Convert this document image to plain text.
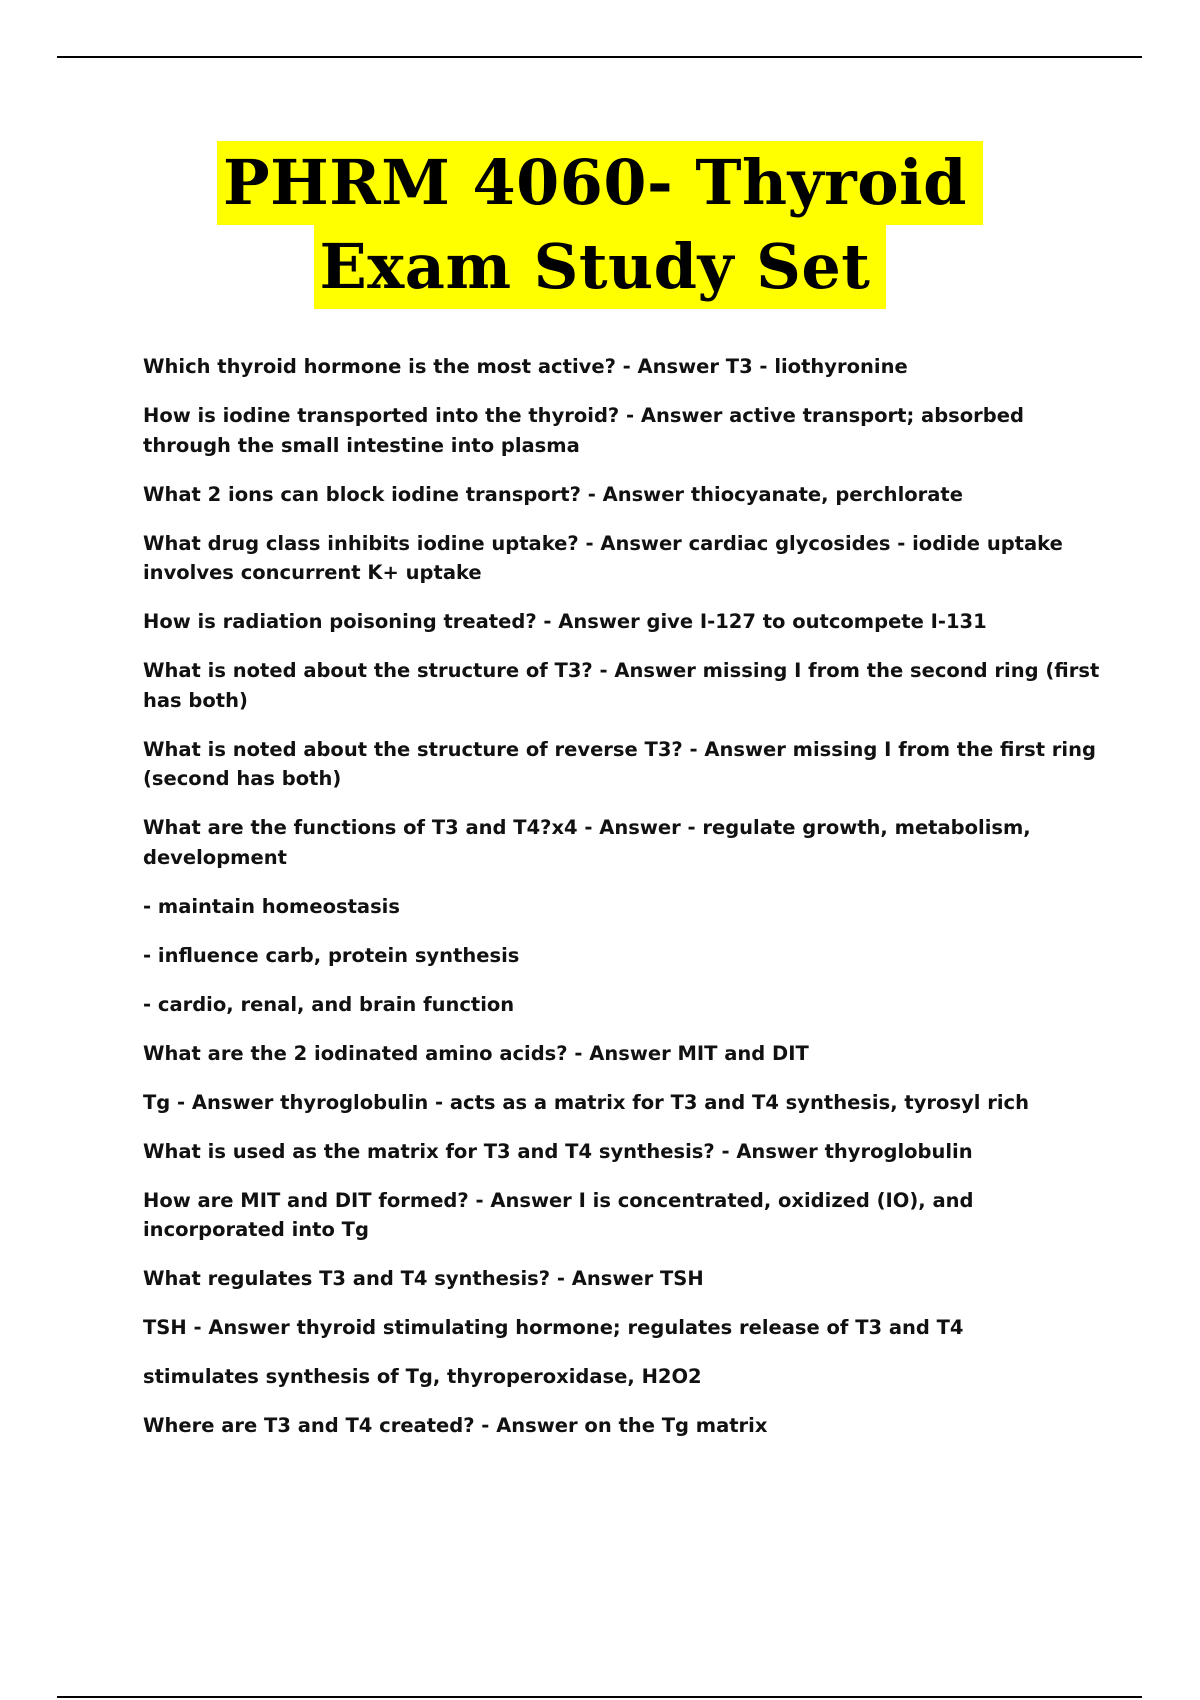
PHRM 4060- Thyroid
Exam Study Set
Which thyroid hormone is the most active? - Answer T3 - liothyronine
How is iodine transported into the thyroid? - Answer active transport; absorbed through the small intestine into plasma
What 2 ions can block iodine transport? - Answer thiocyanate, perchlorate
What drug class inhibits iodine uptake? - Answer cardiac glycosides - iodide uptake involves concurrent K+ uptake
How is radiation poisoning treated? - Answer give I-127 to outcompete I-131
What is noted about the structure of T3? - Answer missing I from the second ring (first has both)
What is noted about the structure of reverse T3? - Answer missing I from the first ring (second has both)
What are the functions of T3 and T4?x4 - Answer - regulate growth, metabolism, development
- maintain homeostasis
- influence carb, protein synthesis
- cardio, renal, and brain function
What are the 2 iodinated amino acids? - Answer MIT and DIT
Tg - Answer thyroglobulin - acts as a matrix for T3 and T4 synthesis, tyrosyl rich
What is used as the matrix for T3 and T4 synthesis? - Answer thyroglobulin
How are MIT and DIT formed? - Answer I is concentrated, oxidized (IO), and incorporated into Tg
What regulates T3 and T4 synthesis? - Answer TSH
TSH - Answer thyroid stimulating hormone; regulates release of T3 and T4
stimulates synthesis of Tg, thyroperoxidase, H2O2
Where are T3 and T4 created? - Answer on the Tg matrix
